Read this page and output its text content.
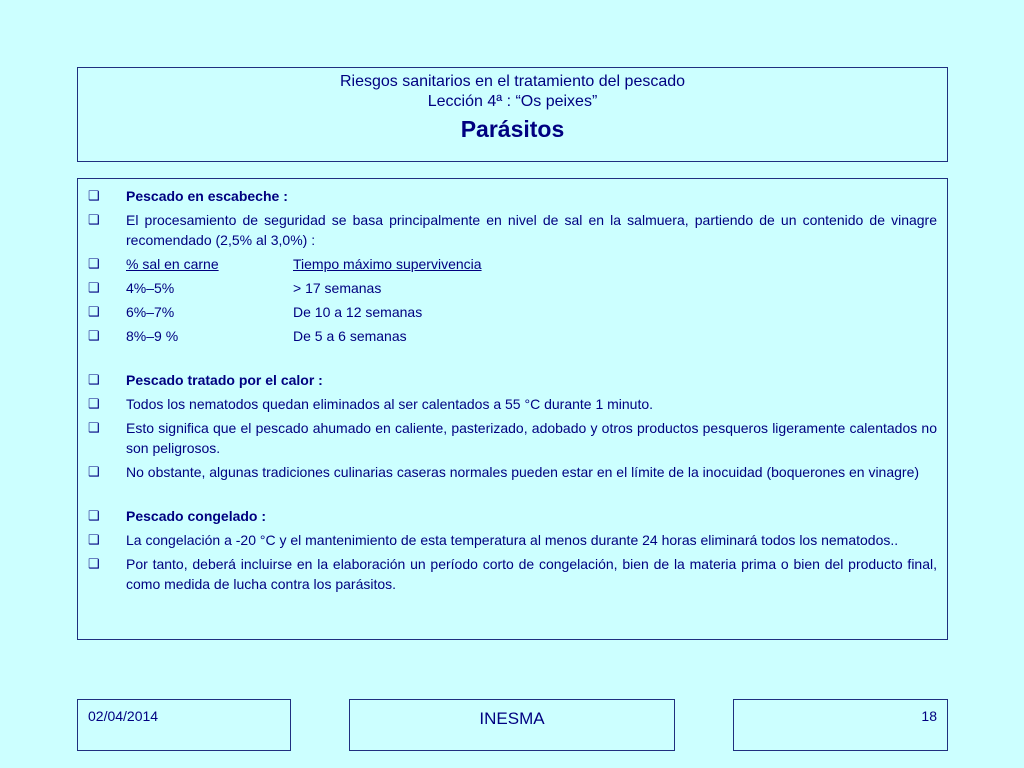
Riesgos sanitarios en el tratamiento del pescado
Lección 4ª : “Os peixes”
Parásitos
❑	Pescado en escabeche :
❑	El procesamiento de seguridad se basa principalmente en nivel de sal en la salmuera, partiendo de un contenido de vinagre recomendado (2,5% al 3,0%) :
❑	% sal en carne	Tiempo máximo supervivencia
❑	4%–5%	> 17 semanas
❑	6%–7%	De 10 a 12 semanas
❑	8%–9 %	De 5 a 6 semanas
❑	Pescado tratado por el calor :
❑	Todos los nematodos quedan eliminados al ser calentados a 55 °C durante 1 minuto.
❑	Esto significa que el pescado ahumado en caliente, pasterizado, adobado y otros productos pesqueros ligeramente calentados no son peligrosos.
❑	No obstante, algunas tradiciones culinarias caseras normales pueden estar en el límite de la inocuidad (boquerones en vinagre)
❑	Pescado congelado :
❑	La congelación a -20 °C y el mantenimiento de esta temperatura al menos durante 24 horas eliminará todos los nematodos..
❑	Por tanto, deberá incluirse en la elaboración un período corto de congelación, bien de la materia prima o bien del producto final, como medida de lucha contra los parásitos.
02/04/2014	INESMA	18
